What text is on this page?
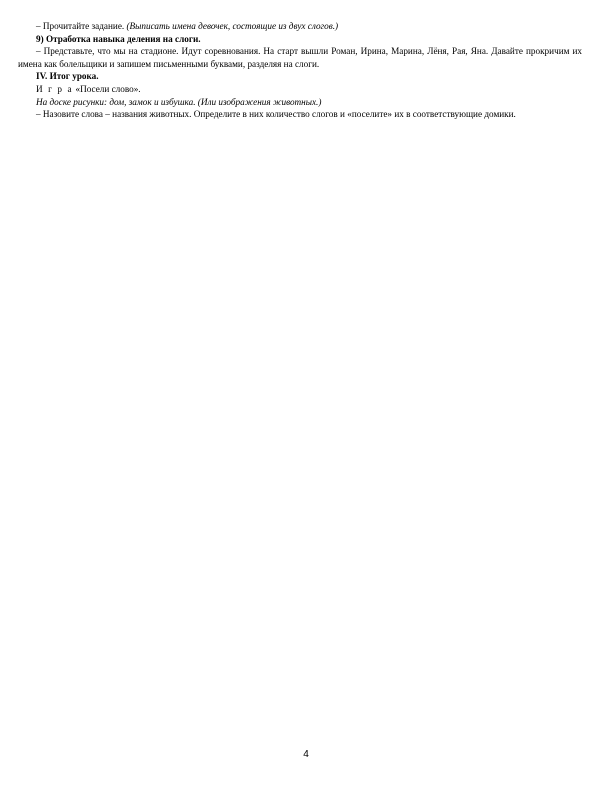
– Прочитайте задание. (Выписать имена девочек, состоящие из двух слогов.)

9) Отработка навыка деления на слоги.

– Представьте, что мы на стадионе. Идут соревнования. На старт вышли Роман, Ирина, Марина, Лёня, Рая, Яна. Давайте прокричим их имена как болельщики и запишем письменными буквами, разделяя на слоги.

IV. Итог урока.

И г р а «Посели слово».

На доске рисунки: дом, замок и избушка. (Или изображения животных.)

– Назовите слова – названия животных. Определите в них количество слогов и «поселите» их в соответствующие домики.

4
